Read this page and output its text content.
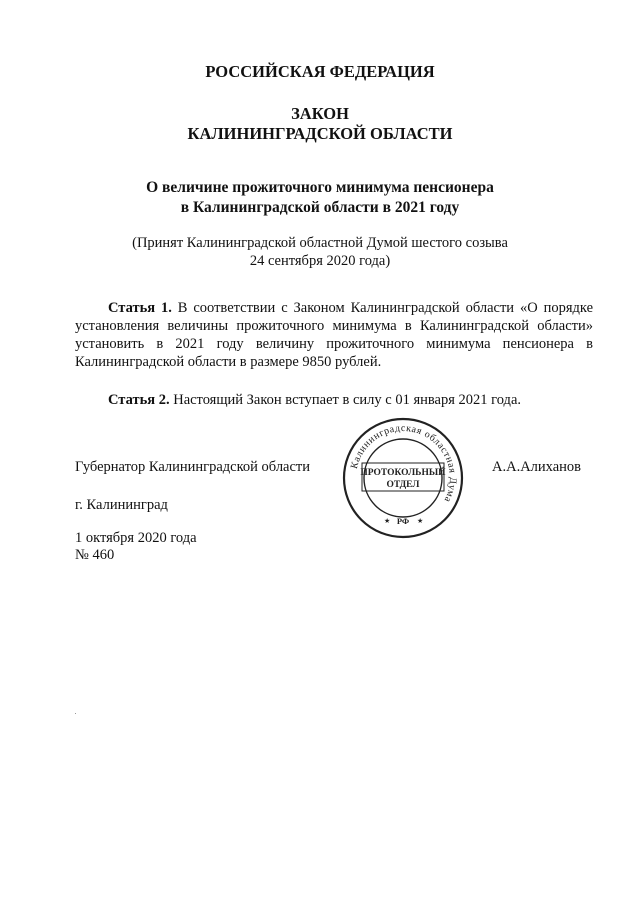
РОССИЙСКАЯ ФЕДЕРАЦИЯ
ЗАКОН
КАЛИНИНГРАДСКОЙ ОБЛАСТИ
О величине прожиточного минимума пенсионера
в Калининградской области в 2021 году
(Принят Калининградской областной Думой шестого созыва
24 сентября 2020 года)
Статья 1. В соответствии с Законом Калининградской области «О порядке установления величины прожиточного минимума в Калининградской области» установить в 2021 году величину прожиточного минимума пенсионера в Калининградской области в размере 9850 рублей.
Статья 2. Настоящий Закон вступает в силу с 01 января 2021 года.
Губернатор Калининградской области	Калининградская областная Дума
ПРОТОКОЛЬНЫЙ
ОТДЕЛ
РФ
★	★
А.А.Алиханов
г. Калининград
1 октября 2020 года
№ 460
